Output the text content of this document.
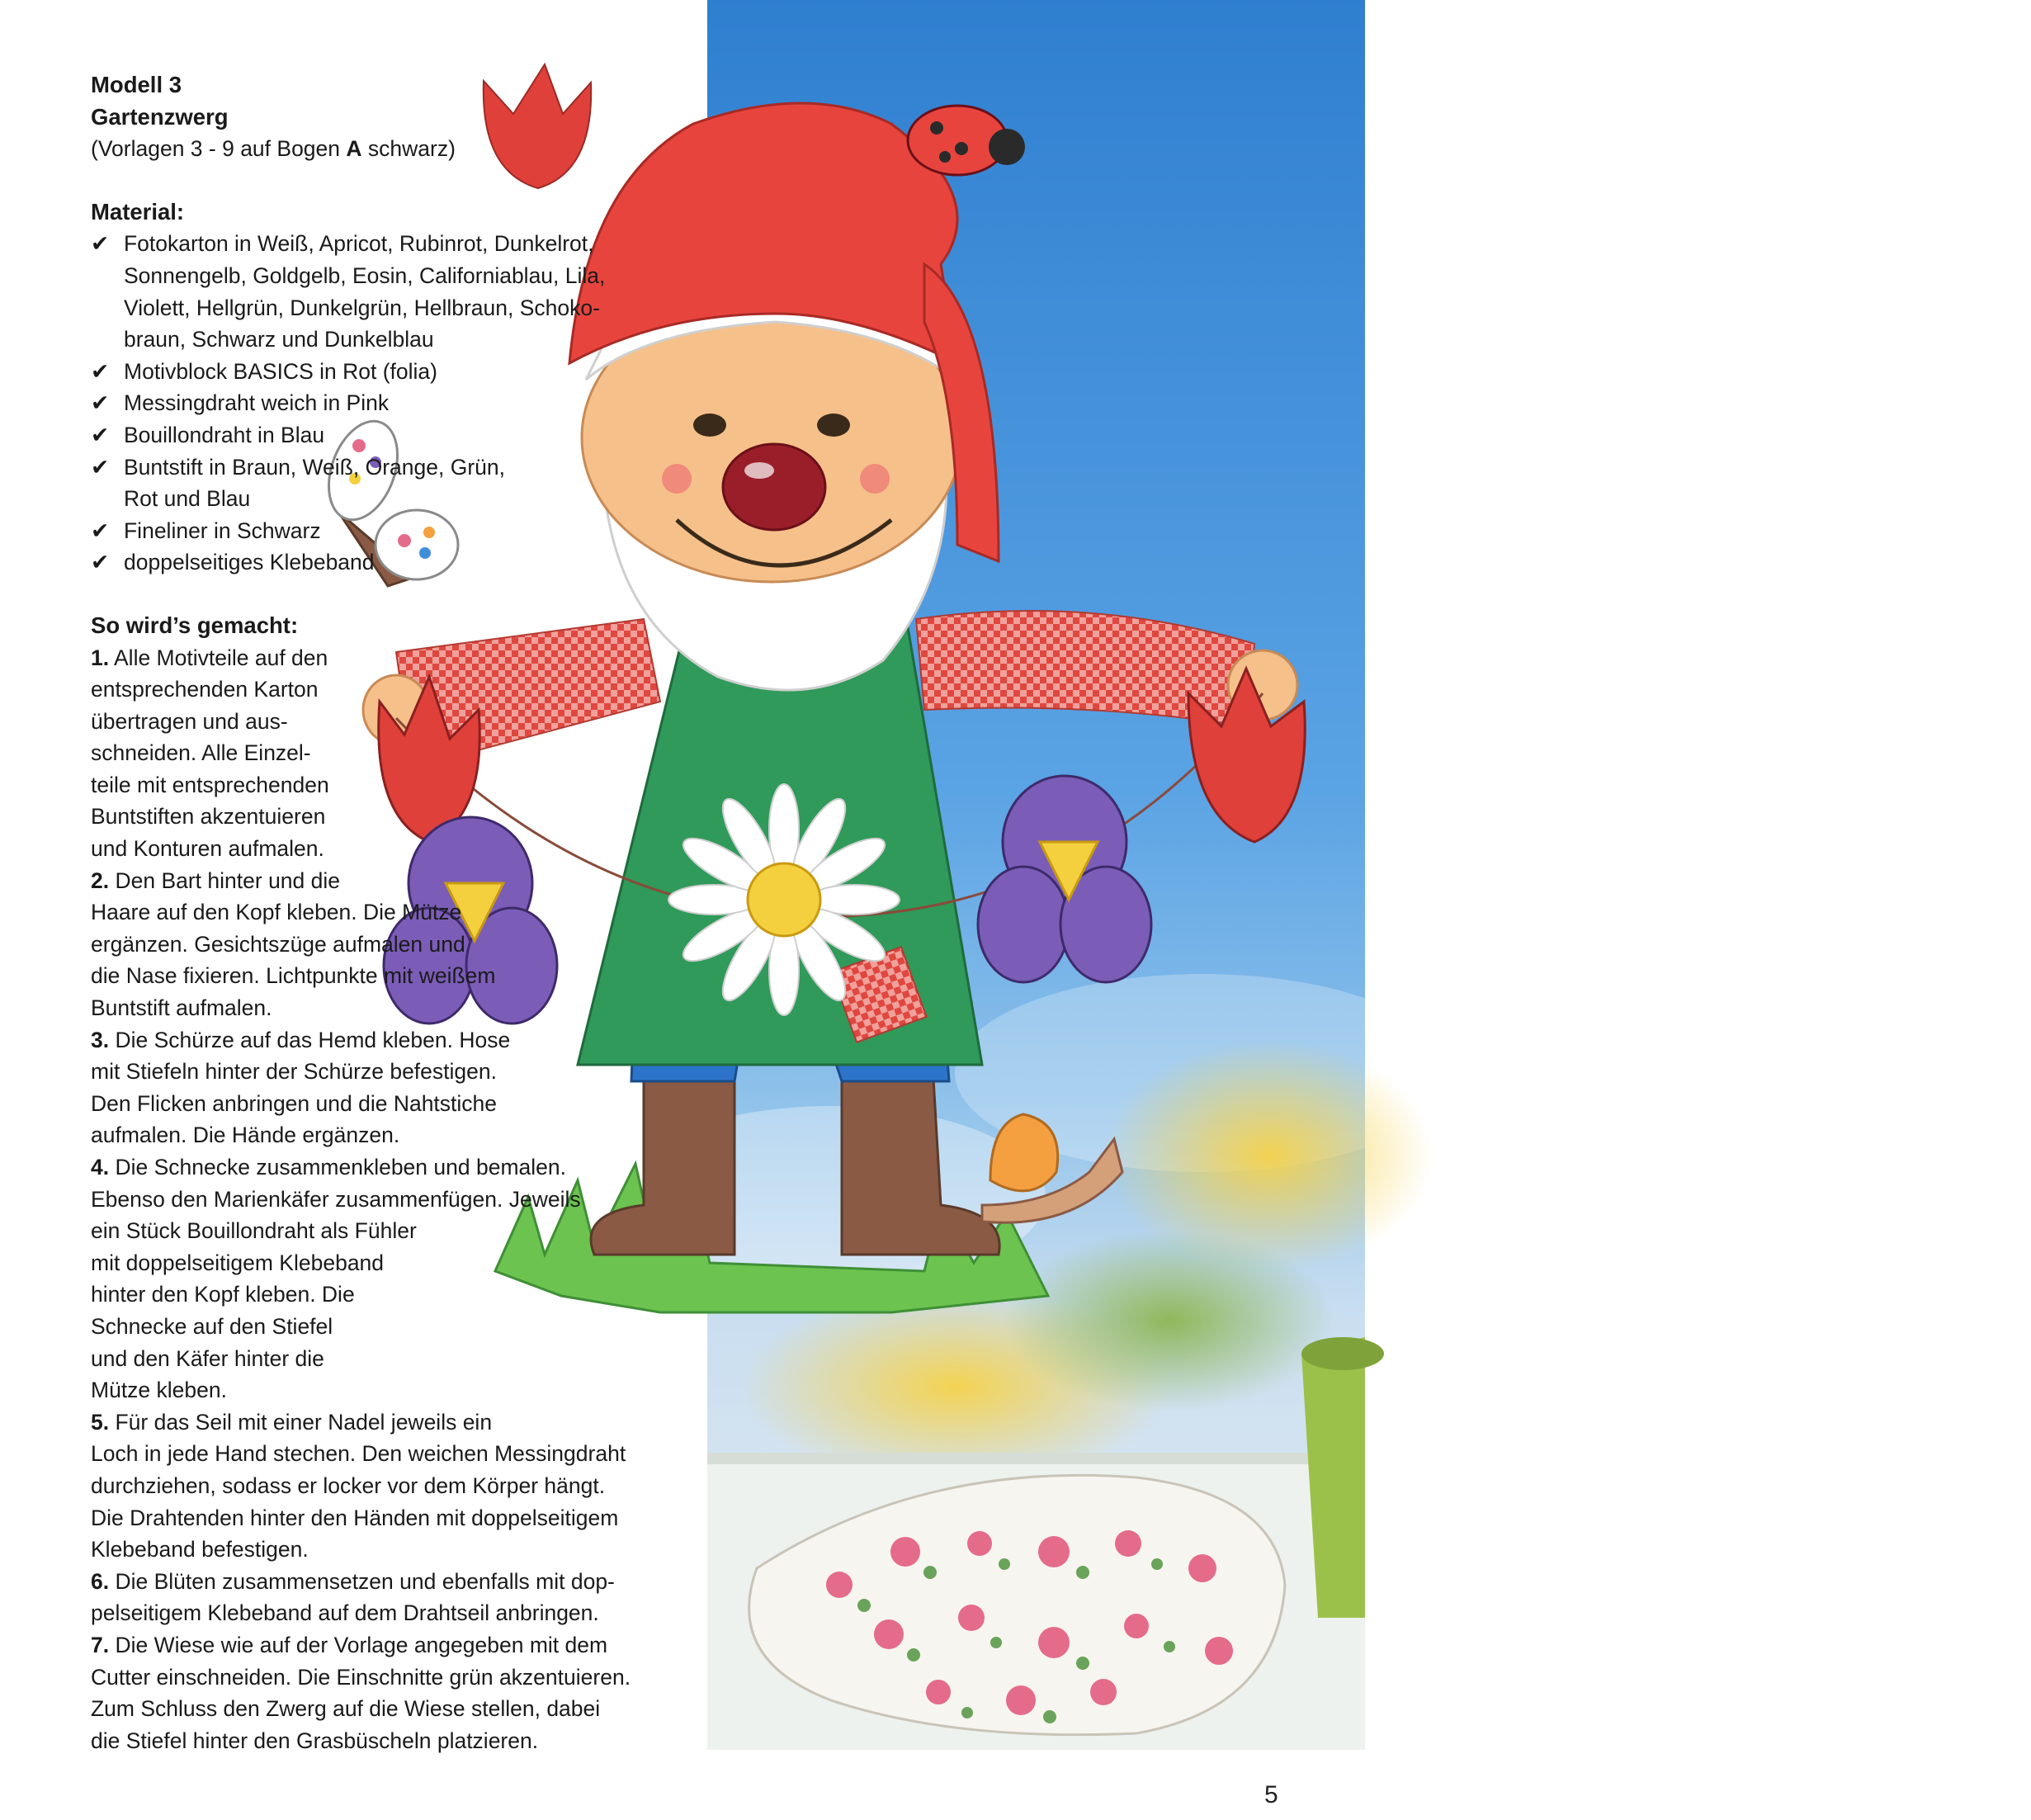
Idee und Realisation: Sabine Vogt
Modell 3
Gartenzwerg
(Vorlagen 3 - 9 auf Bogen A schwarz)
Material:
✔ Fotokarton in Weiß, Apricot, Rubinrot, Dunkelrot,
Sonnengelb, Goldgelb, Eosin, Californiablau, Lila,
Violett, Hellgrün, Dunkelgrün, Hellbraun, Schoko-
braun, Schwarz und Dunkelblau
✔ Motivblock BASICS in Rot (folia)
✔ Messingdraht weich in Pink
✔ Bouillondraht in Blau
✔ Buntstift in Braun, Weiß, Orange, Grün,
Rot und Blau
✔ Fineliner in Schwarz
✔ doppelseitiges Klebeband
So wird’s gemacht:
1. Alle Motivteile auf den
entsprechenden Karton
übertragen und aus-
schneiden. Alle Einzel-
teile mit entsprechenden
Buntstiften akzentuieren
und Konturen aufmalen.
2. Den Bart hinter und die
Haare auf den Kopf kleben. Die Mütze
ergänzen. Gesichtszüge aufmalen und
die Nase fixieren. Lichtpunkte mit weißem
Buntstift aufmalen.
3. Die Schürze auf das Hemd kleben. Hose
mit Stiefeln hinter der Schürze befestigen.
Den Flicken anbringen und die Nahtstiche
aufmalen. Die Hände ergänzen.
4. Die Schnecke zusammenkleben und bemalen.
Ebenso den Marienkäfer zusammenfügen. Jeweils
ein Stück Bouillondraht als Fühler
mit doppelseitigem Klebeband
hinter den Kopf kleben. Die
Schnecke auf den Stiefel
und den Käfer hinter die
Mütze kleben.
5. Für das Seil mit einer Nadel jeweils ein
Loch in jede Hand stechen. Den weichen Messingdraht
durchziehen, sodass er locker vor dem Körper hängt.
Die Drahtenden hinter den Händen mit doppelseitigem
Klebeband befestigen.
6. Die Blüten zusammensetzen und ebenfalls mit dop-
pelseitigem Klebeband auf dem Drahtseil anbringen.
7. Die Wiese wie auf der Vorlage angegeben mit dem
Cutter einschneiden. Die Einschnitte grün akzentuieren.
Zum Schluss den Zwerg auf die Wiese stellen, dabei
die Stiefel hinter den Grasbüscheln platzieren.
5
